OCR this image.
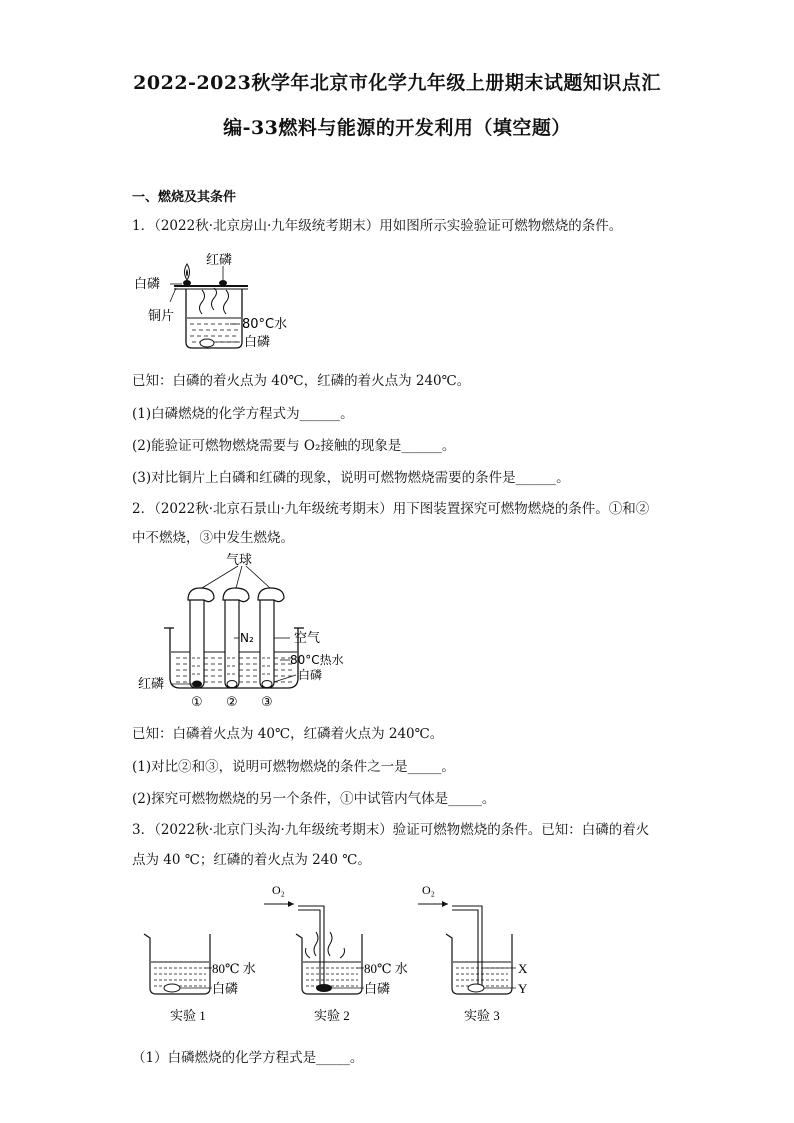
2022-2023秋学年北京市化学九年级上册期末试题知识点汇
编-33燃料与能源的开发利用（填空题）
一、燃烧及其条件
1．（2022秋·北京房山·九年级统考期末）用如图所示实验验证可燃物燃烧的条件。
红磷
白磷
铜片
80°C水
白磷
已知：白磷的着火点为 40℃，红磷的着火点为 240℃。
(1)白磷燃烧的化学方程式为______。
(2)能验证可燃物燃烧需要与 O₂接触的现象是______。
(3)对比铜片上白磷和红磷的现象，说明可燃物燃烧需要的条件是______。
2．（2022秋·北京石景山·九年级统考期末）用下图装置探究可燃物燃烧的条件。①和②
中不燃烧，③中发生燃烧。
气球
N₂	空气
80°C热水
白磷
红磷
① ② ③
已知：白磷着火点为 40℃，红磷着火点为 240℃。
(1)对比②和③，说明可燃物燃烧的条件之一是_____。
(2)探究可燃物燃烧的另一个条件，①中试管内气体是_____。
3．（2022秋·北京门头沟·九年级统考期末）验证可燃物燃烧的条件。已知：白磷的着火
点为 40 ℃；红磷的着火点为 240 ℃。
80℃ 水
白磷
实验 1
O₂
80℃ 水
白磷
实验 2
O₂
X
Y
实验 3
（1）白磷燃烧的化学方程式是_____。
